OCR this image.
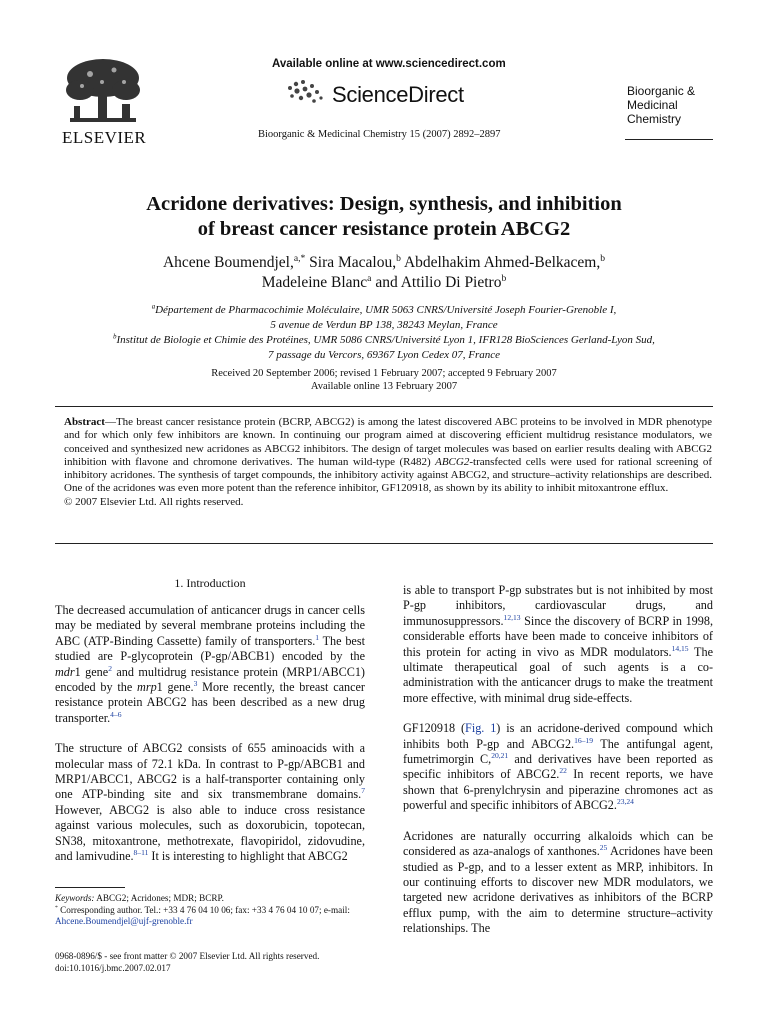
ELSEVIER
Available online at www.sciencedirect.com
ScienceDirect
Bioorganic & Medicinal Chemistry 15 (2007) 2892–2897
Bioorganic &
Medicinal
Chemistry
Acridone derivatives: Design, synthesis, and inhibition
of breast cancer resistance protein ABCG2
Ahcene Boumendjel,$^{a,*}$ Sira Macalou,$^b$ Abdelhakim Ahmed-Belkacem,$^b$
Madeleine Blanc$^a$ and Attilio Di Pietro$^b$
$^a$Département de Pharmacochimie Moléculaire, UMR 5063 CNRS/Université Joseph Fourier-Grenoble I,
5 avenue de Verdun BP 138, 38243 Meylan, France
$^b$Institut de Biologie et Chimie des Protéines, UMR 5086 CNRS/Université Lyon 1, IFR128 BioSciences Gerland-Lyon Sud,
7 passage du Vercors, 69367 Lyon Cedex 07, France
Received 20 September 2006; revised 1 February 2007; accepted 9 February 2007
Available online 13 February 2007
Abstract—The breast cancer resistance protein (BCRP, ABCG2) is among the latest discovered ABC proteins to be involved in MDR phenotype and for which only few inhibitors are known. In continuing our program aimed at discovering efficient multidrug resistance modulators, we conceived and synthesized new acridones as ABCG2 inhibitors. The design of target molecules was based on earlier results dealing with ABCG2 inhibition with flavone and chromone derivatives. The human wild-type (R482) ABCG2-transfected cells were used for rational screening of inhibitory acridones. The synthesis of target compounds, the inhibitory activity against ABCG2, and structure–activity relationships are described. One of the acridones was even more potent than the reference inhibitor, GF120918, as shown by its ability to inhibit mitoxantrone efflux.
© 2007 Elsevier Ltd. All rights reserved.
1. Introduction

The decreased accumulation of anticancer drugs in cancer cells may be mediated by several membrane proteins including the ABC (ATP-Binding Cassette) family of transporters.$^1$ The best studied are P-glycoprotein (P-gp/ABCB1) encoded by the mdr1 gene$^2$ and multidrug resistance protein (MRP1/ABCC1) encoded by the mrp1 gene.$^3$ More recently, the breast cancer resistance protein ABCG2 has been described as a new drug transporter.$^{4-6}$

The structure of ABCG2 consists of 655 aminoacids with a molecular mass of 72.1 kDa. In contrast to P-gp/ABCB1 and MRP1/ABCC1, ABCG2 is a half-transporter containing only one ATP-binding site and six transmembrane domains.$^7$ However, ABCG2 is also able to induce cross resistance against various molecules, such as doxorubicin, topotecan, SN38, mitoxantrone, methotrexate, flavopiridol, zidovudine, and lamivudine.$^{8-11}$ It is interesting to highlight that ABCG2

is able to transport P-gp substrates but is not inhibited by most P-gp inhibitors, cardiovascular drugs, and immunosuppressors.$^{12,13}$ Since the discovery of BCRP in 1998, considerable efforts have been made to conceive inhibitors of this protein for acting in vivo as MDR modulators.$^{14,15}$ The ultimate therapeutical goal of such agents is a co-administration with the anticancer drugs to make the treatment more effective, with minimal drug side-effects.

GF120918 (Fig. 1) is an acridone-derived compound which inhibits both P-gp and ABCG2.$^{16-19}$ The antifungal agent, fumetrimorgin C,$^{20,21}$ and derivatives have been reported as specific inhibitors of ABCG2.22 In recent reports, we have shown that 6-prenylchrysin and piperazine chromones act as powerful and specific inhibitors of ABCG2.$^{23,24}$

Acridones are naturally occurring alkaloids which can be considered as aza-analogs of xanthones.$^{25}$ Acridones have been studied as P-gp, and to a lesser extent as MRP, inhibitors. In our continuing efforts to discover new MDR modulators, we targeted new acridone derivatives as inhibitors of the BCRP efflux pump, with the aim to determine structure–activity relationships. The

Keywords: ABCG2; Acridones; MDR; BCRP.
* Corresponding author. Tel.: +33 4 76 04 10 06; fax: +33 4 76 04 10 07; e-mail: Ahcene.Boumendjel@ujf-grenoble.fr
0968-0896/$ - see front matter © 2007 Elsevier Ltd. All rights reserved.
doi:10.1016/j.bmc.2007.02.017
